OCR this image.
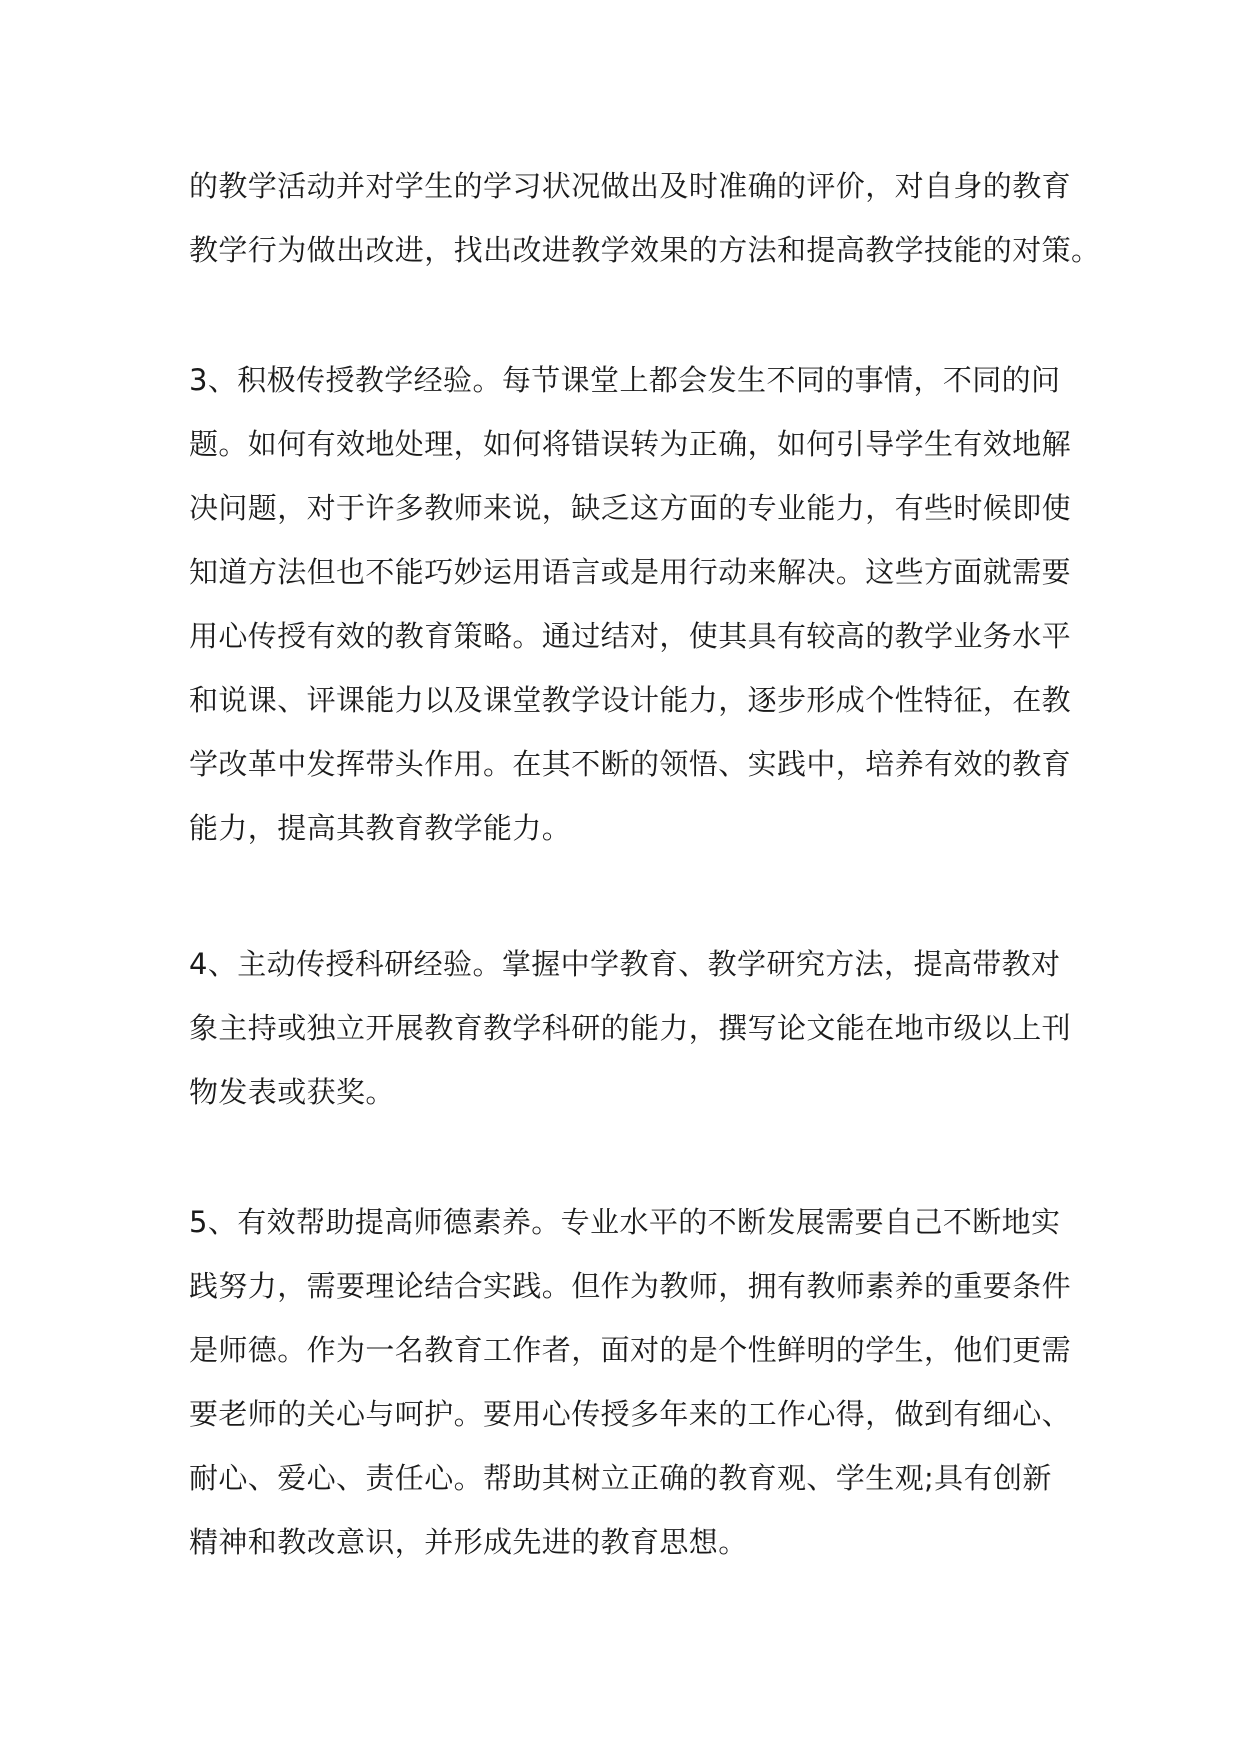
的教学活动并对学生的学习状况做出及时准确的评价，对自身的教育
教学行为做出改进，找出改进教学效果的方法和提高教学技能的对策。
3、积极传授教学经验。每节课堂上都会发生不同的事情，不同的问
题。如何有效地处理，如何将错误转为正确，如何引导学生有效地解
决问题，对于许多教师来说，缺乏这方面的专业能力，有些时候即使
知道方法但也不能巧妙运用语言或是用行动来解决。这些方面就需要
用心传授有效的教育策略。通过结对，使其具有较高的教学业务水平
和说课、评课能力以及课堂教学设计能力，逐步形成个性特征，在教
学改革中发挥带头作用。在其不断的领悟、实践中，培养有效的教育
能力，提高其教育教学能力。
4、主动传授科研经验。掌握中学教育、教学研究方法，提高带教对
象主持或独立开展教育教学科研的能力，撰写论文能在地市级以上刊
物发表或获奖。
5、有效帮助提高师德素养。专业水平的不断发展需要自己不断地实
践努力，需要理论结合实践。但作为教师，拥有教师素养的重要条件
是师德。作为一名教育工作者，面对的是个性鲜明的学生，他们更需
要老师的关心与呵护。要用心传授多年来的工作心得，做到有细心、
耐心、爱心、责任心。帮助其树立正确的教育观、学生观;具有创新
精神和教改意识，并形成先进的教育思想。
